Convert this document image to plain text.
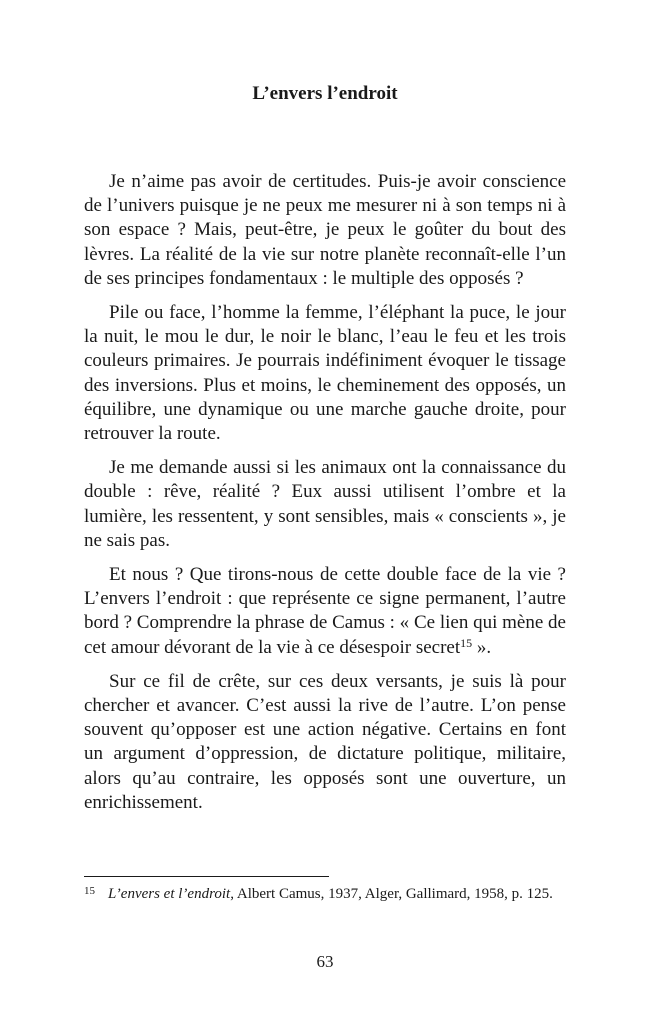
L’envers l’endroit

Je n’aime pas avoir de certitudes. Puis-je avoir conscience de l’univers puisque je ne peux me mesurer ni à son temps ni à son espace ? Mais, peut-être, je peux le goûter du bout des lèvres. La réalité de la vie sur notre planète reconnaît-elle l’un de ses principes fondamentaux : le multiple des opposés ?

Pile ou face, l’homme la femme, l’éléphant la puce, le jour la nuit, le mou le dur, le noir le blanc, l’eau le feu et les trois couleurs primaires. Je pourrais indéfiniment évoquer le tissage des inversions. Plus et moins, le cheminement des opposés, un équilibre, une dynamique ou une marche gauche droite, pour retrouver la route.

Je me demande aussi si les animaux ont la connaissance du double : rêve, réalité ? Eux aussi utilisent l’ombre et la lumière, les ressentent, y sont sensibles, mais « conscients », je ne sais pas.

Et nous ? Que tirons-nous de cette double face de la vie ? L’envers l’endroit : que représente ce signe permanent, l’autre bord ? Comprendre la phrase de Camus : « Ce lien qui mène de cet amour dévorant de la vie à ce désespoir secret$^{15}$ ».

Sur ce fil de crête, sur ces deux versants, je suis là pour chercher et avancer. C’est aussi la rive de l’autre. L’on pense souvent qu’opposer est une action négative. Certains en font un argument d’oppression, de dictature politique, militaire, alors qu’au contraire, les opposés sont une ouverture, un enrichissement.

15 L’envers et l’endroit, Albert Camus, 1937, Alger, Gallimard, 1958, p. 125.
63
